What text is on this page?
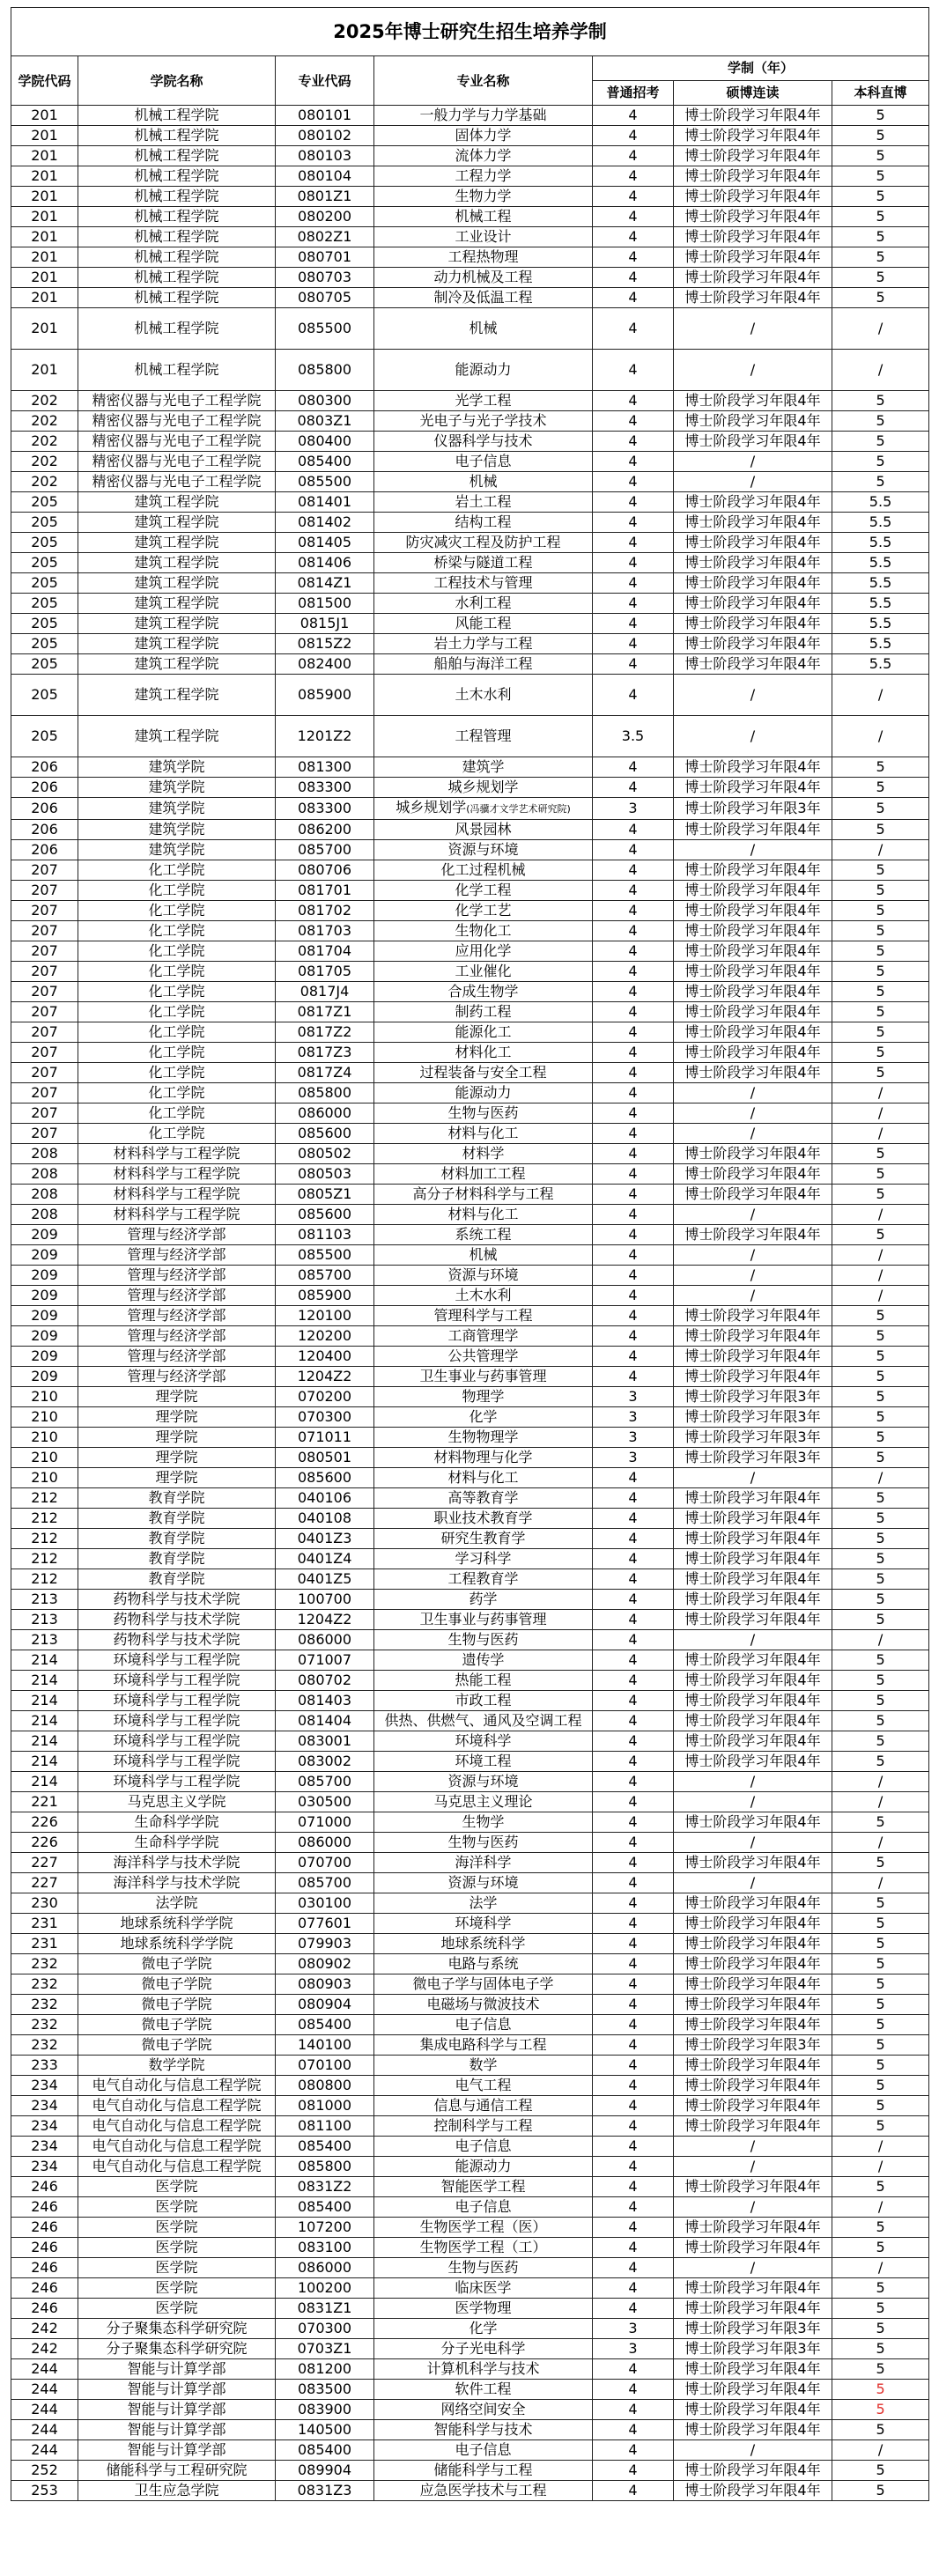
2025年博士研究生招生培养学制						
学院代码	学院名称	专业代码	专业名称	学制（年）		
				普通招考	硕博连读	本科直博
201	机械工程学院	080101	一般力学与力学基础	4	博士阶段学习年限4年	5
201	机械工程学院	080102	固体力学	4	博士阶段学习年限4年	5
201	机械工程学院	080103	流体力学	4	博士阶段学习年限4年	5
201	机械工程学院	080104	工程力学	4	博士阶段学习年限4年	5
201	机械工程学院	0801Z1	生物力学	4	博士阶段学习年限4年	5
201	机械工程学院	080200	机械工程	4	博士阶段学习年限4年	5
201	机械工程学院	0802Z1	工业设计	4	博士阶段学习年限4年	5
201	机械工程学院	080701	工程热物理	4	博士阶段学习年限4年	5
201	机械工程学院	080703	动力机械及工程	4	博士阶段学习年限4年	5
201	机械工程学院	080705	制冷及低温工程	4	博士阶段学习年限4年	5
201	机械工程学院	085500	机械	4	/	/
201	机械工程学院	085800	能源动力	4	/	/
202	精密仪器与光电子工程学院	080300	光学工程	4	博士阶段学习年限4年	5
202	精密仪器与光电子工程学院	0803Z1	光电子与光子学技术	4	博士阶段学习年限4年	5
202	精密仪器与光电子工程学院	080400	仪器科学与技术	4	博士阶段学习年限4年	5
202	精密仪器与光电子工程学院	085400	电子信息	4	/	5
202	精密仪器与光电子工程学院	085500	机械	4	/	5
205	建筑工程学院	081401	岩土工程	4	博士阶段学习年限4年	5.5
205	建筑工程学院	081402	结构工程	4	博士阶段学习年限4年	5.5
205	建筑工程学院	081405	防灾减灾工程及防护工程	4	博士阶段学习年限4年	5.5
205	建筑工程学院	081406	桥梁与隧道工程	4	博士阶段学习年限4年	5.5
205	建筑工程学院	0814Z1	工程技术与管理	4	博士阶段学习年限4年	5.5
205	建筑工程学院	081500	水利工程	4	博士阶段学习年限4年	5.5
205	建筑工程学院	0815J1	风能工程	4	博士阶段学习年限4年	5.5
205	建筑工程学院	0815Z2	岩土力学与工程	4	博士阶段学习年限4年	5.5
205	建筑工程学院	082400	船舶与海洋工程	4	博士阶段学习年限4年	5.5
205	建筑工程学院	085900	土木水利	4	/	/
205	建筑工程学院	1201Z2	工程管理	3.5	/	/
206	建筑学院	081300	建筑学	4	博士阶段学习年限4年	5
206	建筑学院	083300	城乡规划学	4	博士阶段学习年限4年	5
206	建筑学院	083300	城乡规划学(冯骥才文学艺术研究院)	3	博士阶段学习年限3年	5
206	建筑学院	086200	风景园林	4	博士阶段学习年限4年	5
206	建筑学院	085700	资源与环境	4	/	/
207	化工学院	080706	化工过程机械	4	博士阶段学习年限4年	5
207	化工学院	081701	化学工程	4	博士阶段学习年限4年	5
207	化工学院	081702	化学工艺	4	博士阶段学习年限4年	5
207	化工学院	081703	生物化工	4	博士阶段学习年限4年	5
207	化工学院	081704	应用化学	4	博士阶段学习年限4年	5
207	化工学院	081705	工业催化	4	博士阶段学习年限4年	5
207	化工学院	0817J4	合成生物学	4	博士阶段学习年限4年	5
207	化工学院	0817Z1	制药工程	4	博士阶段学习年限4年	5
207	化工学院	0817Z2	能源化工	4	博士阶段学习年限4年	5
207	化工学院	0817Z3	材料化工	4	博士阶段学习年限4年	5
207	化工学院	0817Z4	过程装备与安全工程	4	博士阶段学习年限4年	5
207	化工学院	085800	能源动力	4	/	/
207	化工学院	086000	生物与医药	4	/	/
207	化工学院	085600	材料与化工	4	/	/
208	材料科学与工程学院	080502	材料学	4	博士阶段学习年限4年	5
208	材料科学与工程学院	080503	材料加工工程	4	博士阶段学习年限4年	5
208	材料科学与工程学院	0805Z1	高分子材料科学与工程	4	博士阶段学习年限4年	5
208	材料科学与工程学院	085600	材料与化工	4	/	/
209	管理与经济学部	081103	系统工程	4	博士阶段学习年限4年	5
209	管理与经济学部	085500	机械	4	/	/
209	管理与经济学部	085700	资源与环境	4	/	/
209	管理与经济学部	085900	土木水利	4	/	/
209	管理与经济学部	120100	管理科学与工程	4	博士阶段学习年限4年	5
209	管理与经济学部	120200	工商管理学	4	博士阶段学习年限4年	5
209	管理与经济学部	120400	公共管理学	4	博士阶段学习年限4年	5
209	管理与经济学部	1204Z2	卫生事业与药事管理	4	博士阶段学习年限4年	5
210	理学院	070200	物理学	3	博士阶段学习年限3年	5
210	理学院	070300	化学	3	博士阶段学习年限3年	5
210	理学院	071011	生物物理学	3	博士阶段学习年限3年	5
210	理学院	080501	材料物理与化学	3	博士阶段学习年限3年	5
210	理学院	085600	材料与化工	4	/	/
212	教育学院	040106	高等教育学	4	博士阶段学习年限4年	5
212	教育学院	040108	职业技术教育学	4	博士阶段学习年限4年	5
212	教育学院	0401Z3	研究生教育学	4	博士阶段学习年限4年	5
212	教育学院	0401Z4	学习科学	4	博士阶段学习年限4年	5
212	教育学院	0401Z5	工程教育学	4	博士阶段学习年限4年	5
213	药物科学与技术学院	100700	药学	4	博士阶段学习年限4年	5
213	药物科学与技术学院	1204Z2	卫生事业与药事管理	4	博士阶段学习年限4年	5
213	药物科学与技术学院	086000	生物与医药	4	/	/
214	环境科学与工程学院	071007	遗传学	4	博士阶段学习年限4年	5
214	环境科学与工程学院	080702	热能工程	4	博士阶段学习年限4年	5
214	环境科学与工程学院	081403	市政工程	4	博士阶段学习年限4年	5
214	环境科学与工程学院	081404	供热、供燃气、通风及空调工程	4	博士阶段学习年限4年	5
214	环境科学与工程学院	083001	环境科学	4	博士阶段学习年限4年	5
214	环境科学与工程学院	083002	环境工程	4	博士阶段学习年限4年	5
214	环境科学与工程学院	085700	资源与环境	4	/	/
221	马克思主义学院	030500	马克思主义理论	4	/	/
226	生命科学学院	071000	生物学	4	博士阶段学习年限4年	5
226	生命科学学院	086000	生物与医药	4	/	/
227	海洋科学与技术学院	070700	海洋科学	4	博士阶段学习年限4年	5
227	海洋科学与技术学院	085700	资源与环境	4	/	/
230	法学院	030100	法学	4	博士阶段学习年限4年	5
231	地球系统科学学院	077601	环境科学	4	博士阶段学习年限4年	5
231	地球系统科学学院	079903	地球系统科学	4	博士阶段学习年限4年	5
232	微电子学院	080902	电路与系统	4	博士阶段学习年限4年	5
232	微电子学院	080903	微电子学与固体电子学	4	博士阶段学习年限4年	5
232	微电子学院	080904	电磁场与微波技术	4	博士阶段学习年限4年	5
232	微电子学院	085400	电子信息	4	博士阶段学习年限4年	5
232	微电子学院	140100	集成电路科学与工程	4	博士阶段学习年限3年	5
233	数学学院	070100	数学	4	博士阶段学习年限4年	5
234	电气自动化与信息工程学院	080800	电气工程	4	博士阶段学习年限4年	5
234	电气自动化与信息工程学院	081000	信息与通信工程	4	博士阶段学习年限4年	5
234	电气自动化与信息工程学院	081100	控制科学与工程	4	博士阶段学习年限4年	5
234	电气自动化与信息工程学院	085400	电子信息	4	/	/
234	电气自动化与信息工程学院	085800	能源动力	4	/	/
246	医学院	0831Z2	智能医学工程	4	博士阶段学习年限4年	5
246	医学院	085400	电子信息	4	/	/
246	医学院	107200	生物医学工程（医）	4	博士阶段学习年限4年	5
246	医学院	083100	生物医学工程（工）	4	博士阶段学习年限4年	5
246	医学院	086000	生物与医药	4	/	/
246	医学院	100200	临床医学	4	博士阶段学习年限4年	5
246	医学院	0831Z1	医学物理	4	博士阶段学习年限4年	5
242	分子聚集态科学研究院	070300	化学	3	博士阶段学习年限3年	5
242	分子聚集态科学研究院	0703Z1	分子光电科学	3	博士阶段学习年限3年	5
244	智能与计算学部	081200	计算机科学与技术	4	博士阶段学习年限4年	5
244	智能与计算学部	083500	软件工程	4	博士阶段学习年限4年	5
244	智能与计算学部	083900	网络空间安全	4	博士阶段学习年限4年	5
244	智能与计算学部	140500	智能科学与技术	4	博士阶段学习年限4年	5
244	智能与计算学部	085400	电子信息	4	/	/
252	储能科学与工程研究院	089904	储能科学与工程	4	博士阶段学习年限4年	5
253	卫生应急学院	0831Z3	应急医学技术与工程	4	博士阶段学习年限4年	5
